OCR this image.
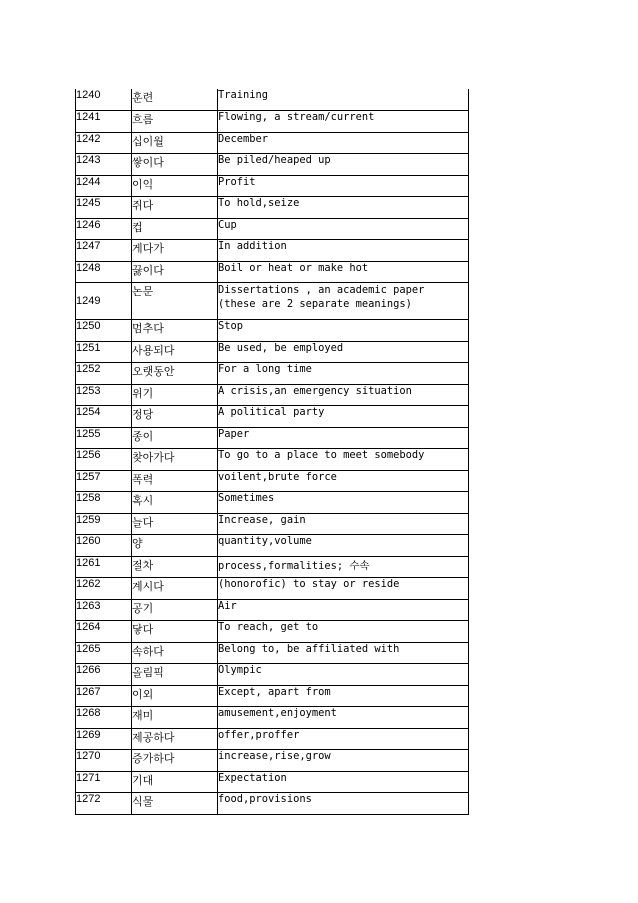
1240	훈련	Training
1241	흐름	Flowing, a stream/current
1242	십이월	December
1243	쌓이다	Be piled/heaped up
1244	이익	Profit
1245	쥐다	To hold,seize
1246	컵	Cup
1247	게다가	In addition
1248	끓이다	Boil or heat or make hot
1249	논문	Dissertations , an academic paper
(these are 2 separate meanings)

1250	멈추다	Stop
1251	사용되다	Be used, be employed
1252	오랫동안	For a long time
1253	위기	A crisis,an emergency situation
1254	정당	A political party
1255	종이	Paper
1256	찾아가다	To go to a place to meet somebody
1257	폭력	voilent,brute force
1258	혹시	Sometimes
1259	늘다	Increase, gain
1260	양	quantity,volume
1261	절차	process,formalities; 수속
1262	계시다	(honorofic) to stay or reside
1263	공기	Air
1264	닿다	To reach, get to
1265	속하다	Belong to, be affiliated with
1266	올림픽	Olympic
1267	이외	Except, apart from
1268	재미	amusement,enjoyment
1269	제공하다	offer,proffer
1270	증가하다	increase,rise,grow
1271	기대	Expectation
1272	식물	food,provisions
